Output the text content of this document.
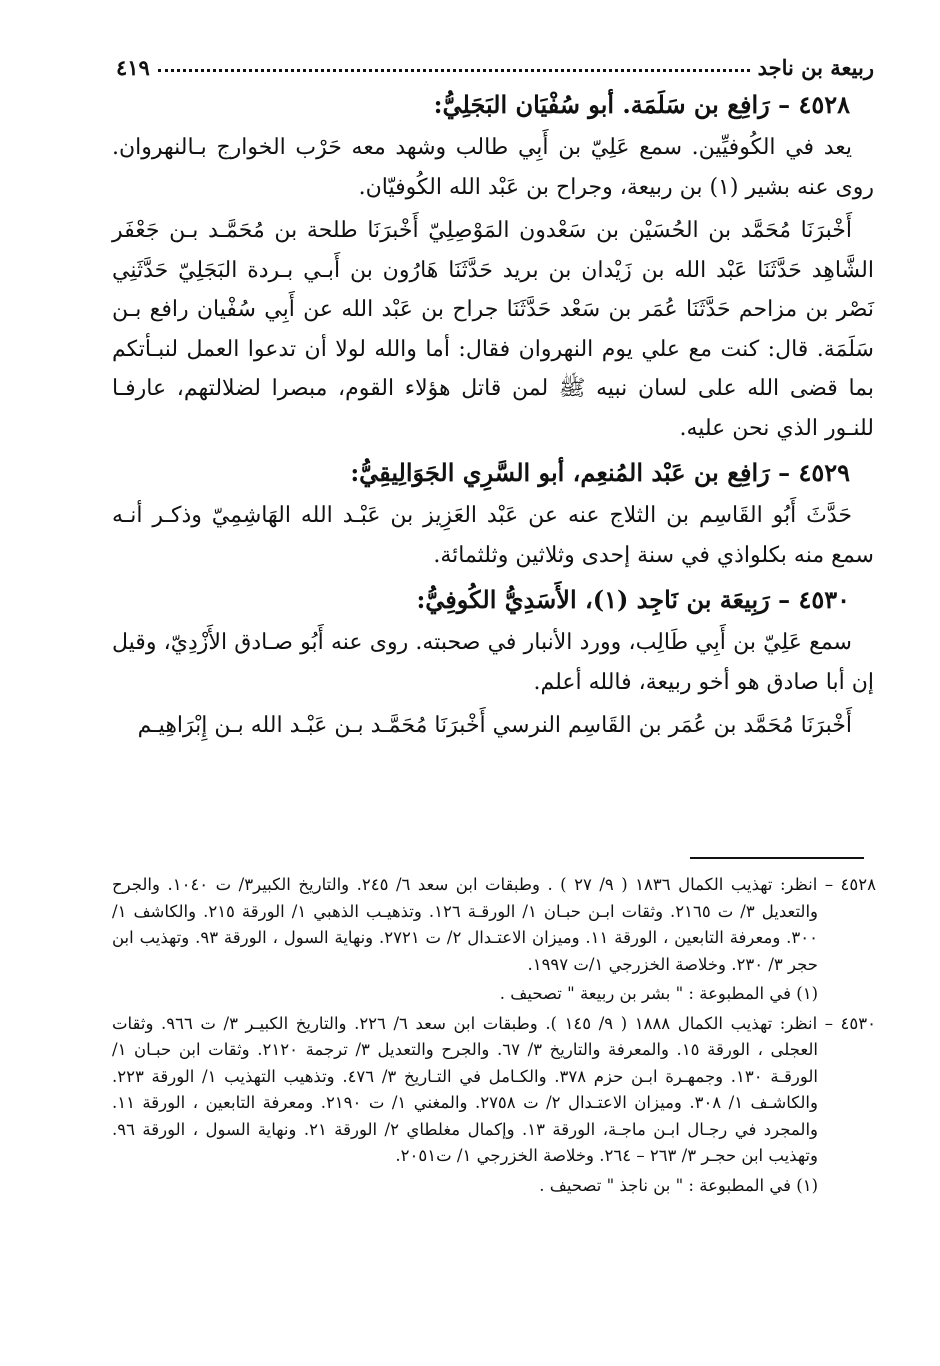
ربيعة بن ناجد
٤١٩
٤٥٢٨ – رَافِع بن سَلَمَة. أبو سُفْيَان البَجَلِيُّ:

يعد في الكُوفيِّين. سمع عَلِيّ بن أَبِي طالب وشهد معه حَرْب الخوارج بـالنهروان. روى عنه بشير (١) بن ربيعة، وجراح بن عَبْد الله الكُوفيّان.

أَخْبرَنَا مُحَمَّد بن الحُسَيْن بن سَعْدون المَوْصِلِيّ أَخْبرَنَا طلحة بن مُحَمَّـد بـن جَعْفَر الشَّاهِد حَدَّثَنَا عَبْد الله بن زَيْدان بن بريد حَدَّثَنَا هَارُون بن أَبـي بـردة البَجَلِيّ حَدَّثَنِي نَصْر بن مزاحم حَدَّثَنَا عُمَر بن سَعْد حَدَّثَنَا جراح بن عَبْد الله عن أَبِي سُفْيان رافع بـن سَلَمَة. قال: كنت مع علي يوم النهروان فقال: أما والله لولا أن تدعوا العمل لنبـأتكم بما قضى الله على لسان نبيه ﷺ لمن قاتل هؤلاء القوم، مبصرا لضلالتهم، عارفـا للنـور الذي نحن عليه.

٤٥٢٩ – رَافِع بن عَبْد المُنعِم، أبو السَّرِي الجَوَالِيقِيُّ:

حَدَّثَ أَبُو القَاسِم بن الثلاج عنه عن عَبْد العَزِيز بن عَبْـد الله الهَاشِمِيّ وذكـر أنـه سمع منه بكلواذي في سنة إحدى وثلاثين وثلثمائة.

٤٥٣٠ – رَبِيعَة بن نَاجِد (١)، الأَسَدِيُّ الكُوفِيُّ:

سمع عَلِيّ بن أَبِي طَالِب، وورد الأنبار في صحبته. روى عنه أَبُو صـادق الأَزْدِيّ، وقيل إن أبا صادق هو أخو ربيعة، فالله أعلم.

أَخْبرَنَا مُحَمَّد بن عُمَر بن القَاسِم النرسي أَخْبرَنَا مُحَمَّـد بـن عَبْـد الله بـن إِبْرَاهِيـم

٤٥٢٨ – انظر: تهذيب الكمال ١٨٣٦ ( ٩/ ٢٧ ) . وطبقات ابن سعد ٦/ ٢٤٥. والتاريخ الكبير٣/ ت ١٠٤٠. والجرح والتعديل ٣/ ت ٢١٦٥. وثقات ابـن حبـان ١/ الورقـة ١٢٦. وتذهيـب الذهبي ١/ الورقة ٢١٥. والكاشف ١/ ٣٠٠. ومعرفة التابعين ، الورقة ١١. وميزان الاعتـدال ٢/ ت ٢٧٢١. ونهاية السول ، الورقة ٩٣. وتهذيب ابن حجر ٣/ ٢٣٠. وخلاصة الخزرجي ١/ت ١٩٩٧.

(١) في المطبوعة : " بشر بن ربيعة " تصحيف .

٤٥٣٠ – انظر: تهذيب الكمال ١٨٨٨ ( ٩/ ١٤٥ ). وطبقات ابن سعد ٦/ ٢٢٦. والتاريخ الكبيـر ٣/ ت ٩٦٦. وثقات العجلى ، الورقة ١٥. والمعرفة والتاريخ ٣/ ٦٧. والجرح والتعديل ٣/ ترجمة ٢١٢٠. وثقات ابن حبـان ١/ الورقـة ١٣٠. وجمهـرة ابـن حزم ٣٧٨. والكـامل في التـاريخ ٣/ ٤٧٦. وتذهيب التهذيب ١/ الورقة ٢٢٣. والكاشـف ١/ ٣٠٨. وميزان الاعتـدال ٢/ ت ٢٧٥٨. والمغني ١/ ت ٢١٩٠. ومعرفة التابعين ، الورقة ١١. والمجرد في رجـال ابـن ماجـة، الورقة ١٣. وإكمال مغلطاي ٢/ الورقة ٢١. ونهاية السول ، الورقة ٩٦. وتهذيب ابن حجـر ٣/ ٢٦٣ – ٢٦٤. وخلاصة الخزرجي ١/ ت٢٠٥١.

(١) في المطبوعة : " بن ناجذ " تصحيف .
